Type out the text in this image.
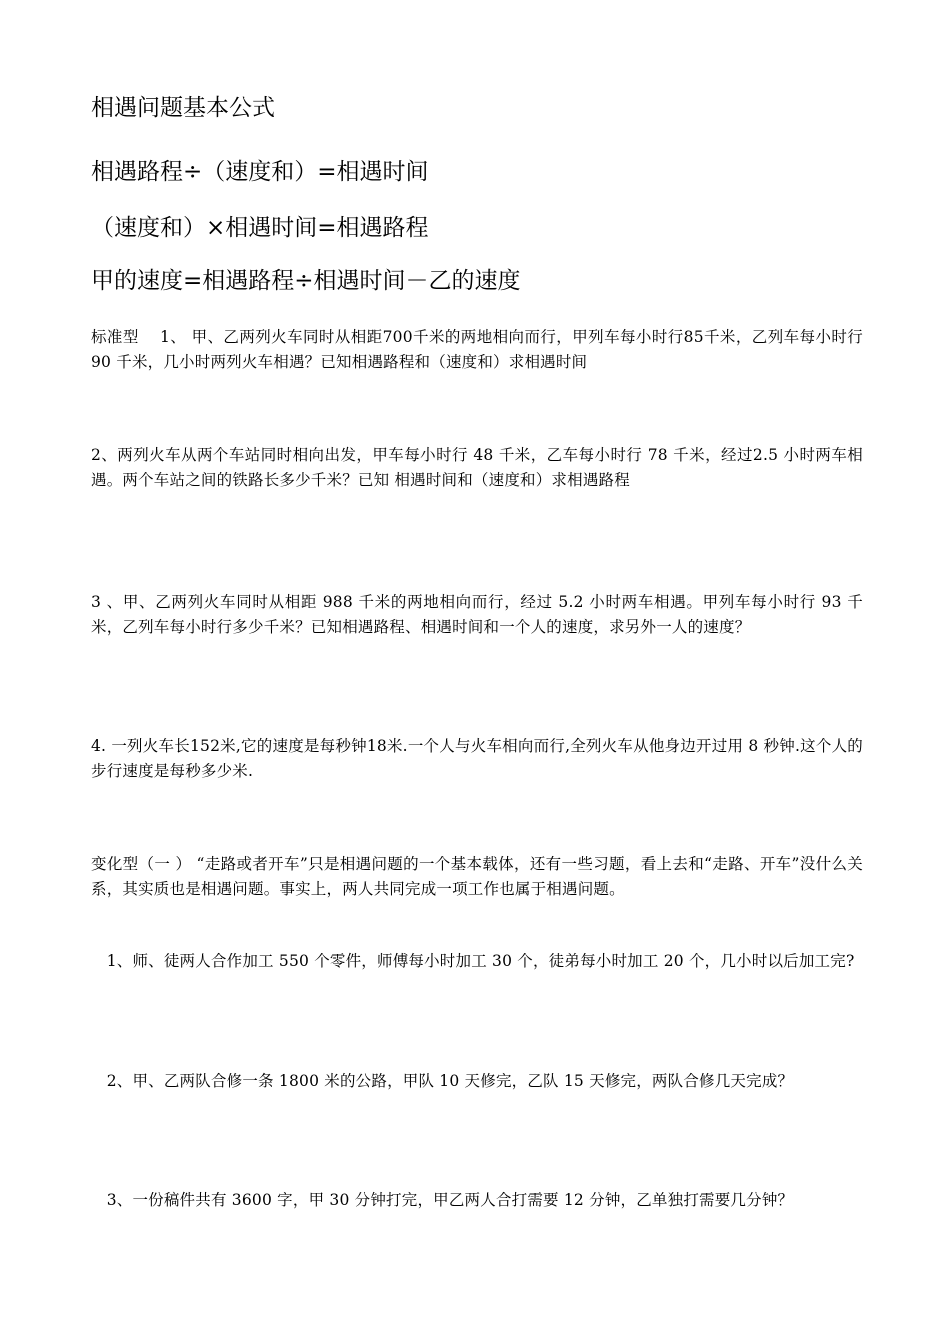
相遇问题基本公式

相遇路程÷（速度和）=相遇时间

（速度和）×相遇时间=相遇路程

甲的速度=相遇路程÷相遇时间－乙的速度

标准型　 1、 甲、乙两列火车同时从相距700千米的两地相向而行，甲列车每小时行85千米，乙列车每小时行 90 千米，几小时两列火车相遇？已知相遇路程和（速度和）求相遇时间

2、两列火车从两个车站同时相向出发，甲车每小时行 48 千米，乙车每小时行 78 千米，经过2.5 小时两车相遇。两个车站之间的铁路长多少千米？已知 相遇时间和（速度和）求相遇路程

3 、甲、乙两列火车同时从相距 988 千米的两地相向而行，经过 5.2 小时两车相遇。甲列车每小时行 93 千米，乙列车每小时行多少千米？已知相遇路程、相遇时间和一个人的速度，求另外一人的速度？

4. 一列火车长152米,它的速度是每秒钟18米.一个人与火车相向而行,全列火车从他身边开过用 8 秒钟.这个人的步行速度是每秒多少米.

变化型（一 ） “走路或者开车”只是相遇问题的一个基本载体，还有一些习题，看上去和“走路、开车”没什么关系，其实质也是相遇问题。事实上，两人共同完成一项工作也属于相遇问题。

　1、师、徒两人合作加工 550 个零件，师傅每小时加工 30 个，徒弟每小时加工 20 个，几小时以后加工完?

　2、甲、乙两队合修一条 1800 米的公路，甲队 10 天修完，乙队 15 天修完，两队合修几天完成？

　3、一份稿件共有 3600 字，甲 30 分钟打完，甲乙两人合打需要 12 分钟，乙单独打需要几分钟？
